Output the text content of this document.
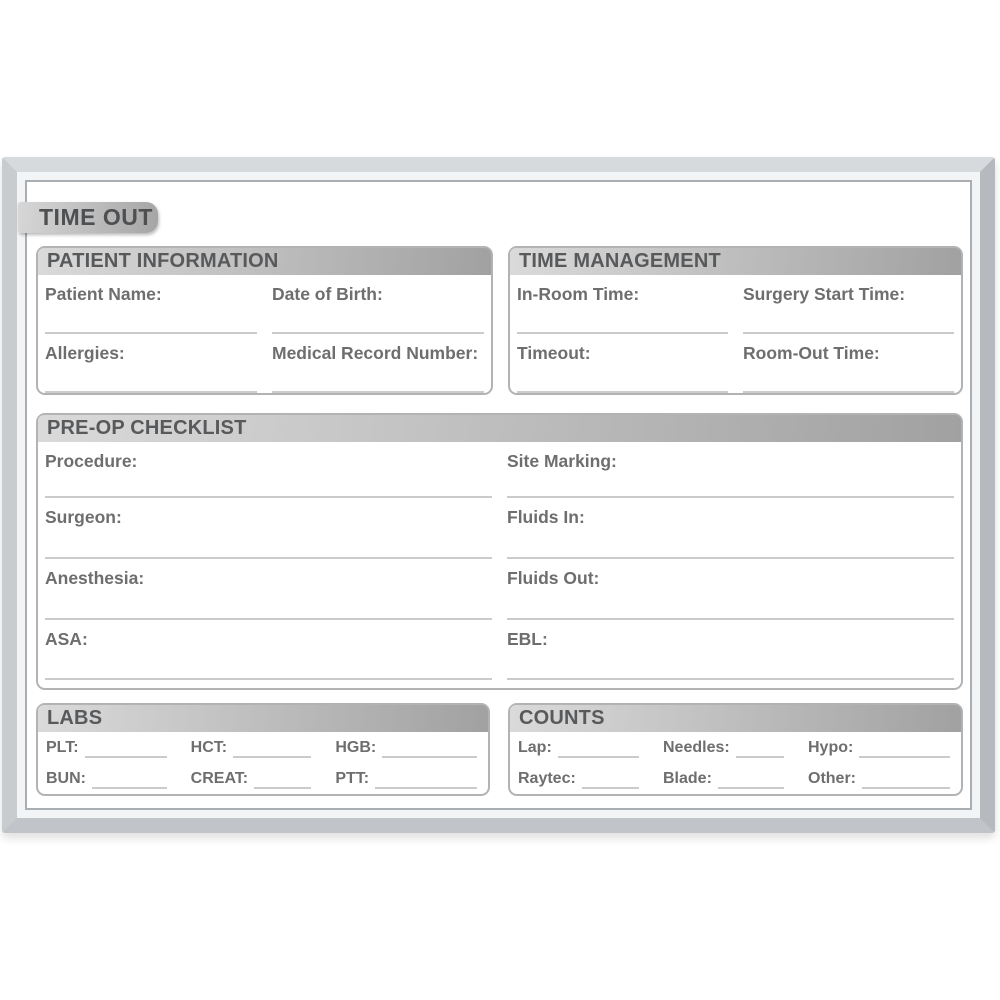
TIME OUT
PATIENT INFORMATION
Patient Name:	Date of Birth:
Allergies:	Medical Record Number:
TIME MANAGEMENT
In-Room Time:	Surgery Start Time:
Timeout:	Room-Out Time:
PRE-OP CHECKLIST
Procedure:	Site Marking:
Surgeon:	Fluids In:
Anesthesia:	Fluids Out:
ASA:	EBL:
LABS
PLT:	HCT:	HGB:
BUN:	CREAT:	PTT:
COUNTS
Lap:	Needles:	Hypo:
Raytec:	Blade:	Other:
